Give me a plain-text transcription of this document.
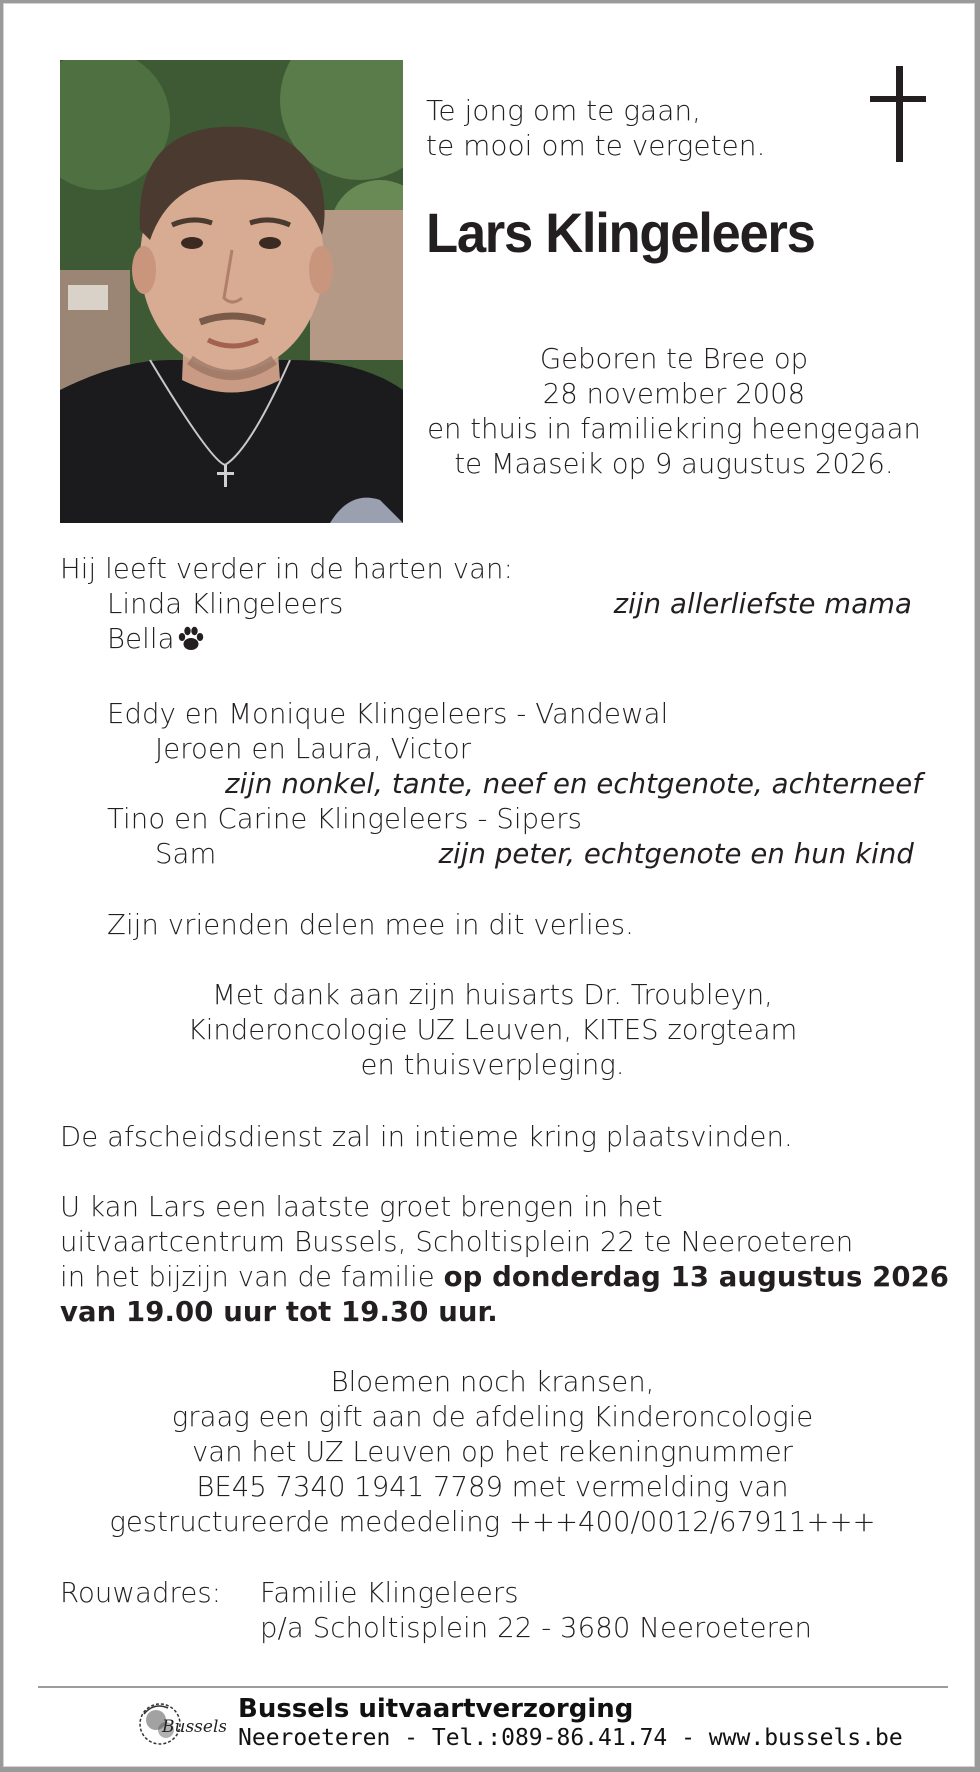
Te jong om te gaan,
te mooi om te vergeten.
Lars Klingeleers
Geboren te Bree op
28 november 2008
en thuis in familiekring heengegaan
te Maaseik op 9 augustus 2026.
Hij leeft verder in de harten van:
Linda Klingeleers	zijn allerliefste mama
Bella
Eddy en Monique Klingeleers - Vandewal
Jeroen en Laura, Victor
zijn nonkel, tante, neef en echtgenote, achterneef
Tino en Carine Klingeleers - Sipers
Sam	zijn peter, echtgenote en hun kind
Zijn vrienden delen mee in dit verlies.
Met dank aan zijn huisarts Dr. Troubleyn,
Kinderoncologie UZ Leuven, KITES zorgteam
en thuisverpleging.
De afscheidsdienst zal in intieme kring plaatsvinden.
U kan Lars een laatste groet brengen in het
uitvaartcentrum Bussels, Scholtisplein 22 te Neeroeteren
in het bijzijn van de familie op donderdag 13 augustus 2026
van 19.00 uur tot 19.30 uur.
Bloemen noch kransen,
graag een gift aan de afdeling Kinderoncologie
van het UZ Leuven op het rekeningnummer
BE45 7340 1941 7789 met vermelding van
gestructureerde mededeling +++400/0012/67911+++
Rouwadres: Familie Klingeleers
p/a Scholtisplein 22 - 3680 Neeroeteren
Bussels
Bussels uitvaartverzorging
Neeroeteren - Tel.:089-86.41.74 - www.bussels.be
